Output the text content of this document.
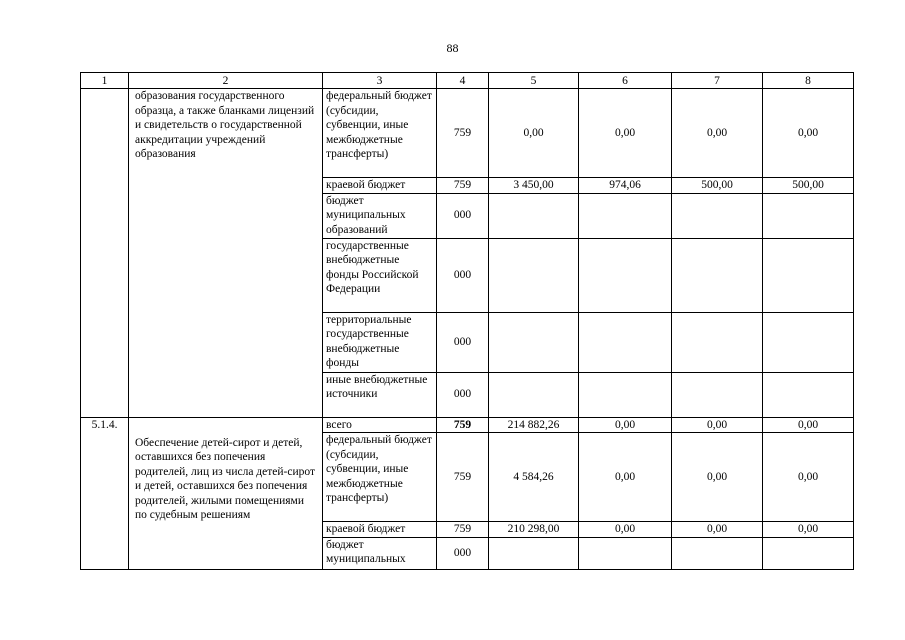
88
1	2	3	4	5	6	7	8
	образования государственного образца, а также бланками лицензий и свидетельств о государственной аккредитации учреждений образования	федеральный бюджет (субсидии, субвенции, иные межбюджетные трансферты)	759	0,00	0,00	0,00	0,00
		краевой бюджет	759	3 450,00	974,06	500,00	500,00
		бюджет муниципальных образований	000				
		государственные внебюджетные фонды Российской Федерации	000				
		территориальные государственные внебюджетные фонды	000				
		иные внебюджетные источники	000				
5.1.4.	Обеспечение детей-сирот и детей, оставшихся без попечения родителей, лиц из числа детей-сирот и детей, оставшихся без попечения родителей, жилыми помещениями по судебным решениям	всего	759	214 882,26	0,00	0,00	0,00
		федеральный бюджет (субсидии, субвенции, иные межбюджетные трансферты)	759	4 584,26	0,00	0,00	0,00
		краевой бюджет	759	210 298,00	0,00	0,00	0,00
		бюджет муниципальных	000				
